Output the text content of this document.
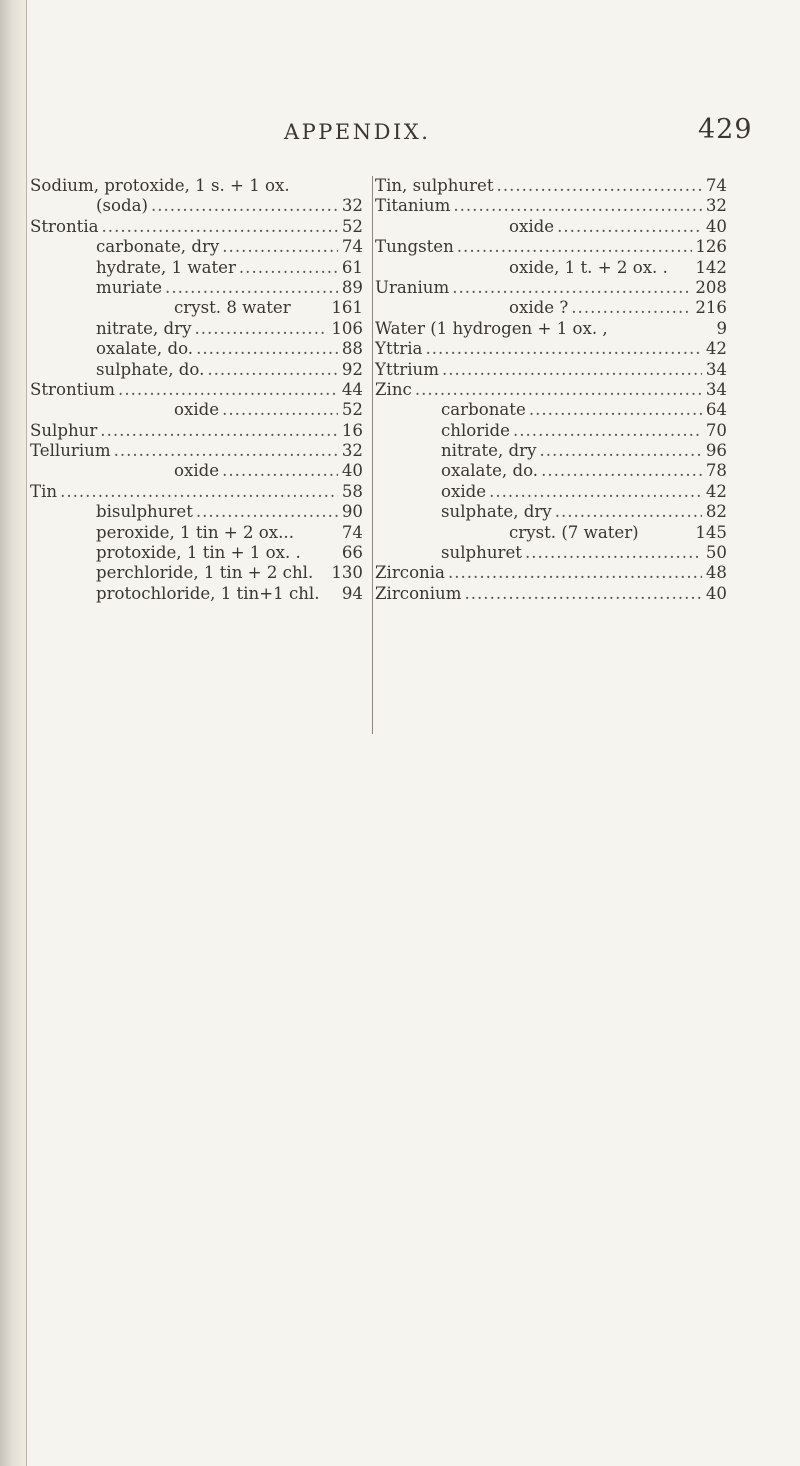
APPENDIX.	429
Sodium, protoxide, 1 s. + 1 ox.
(soda) .....	32
Strontia .....	52
carbonate, dry .....	74
hydrate, 1 water .....	61
muriate .....	89
cryst. 8 water 161
nitrate, dry .....	106
oxalate, do. .....	88
sulphate, do. .....	92
Strontium .....	44
oxide .....	52
Sulphur .....	16
Tellurium .....	32
oxide .....	40
Tin .....	58
bisulphuret .....	90
peroxide, 1 tin + 2 ox...	74
protoxide, 1 tin + 1 ox. . 66
perchloride, 1 tin + 2 chl. 130
protochloride, 1 tin+1 chl. 94
Tin, sulphuret .....	74
Titanium .....	32
oxide .....	40
Tungsten .....	126
oxide, 1 t. + 2 ox. . 142
Uranium .....	208
oxide ? .....	216
Water (1 hydrogen + 1 ox. ,	9
Yttria .....	42
Yttrium .....	34
Zinc .....	34
carbonate .....	64
chloride .....	70
nitrate, dry .....	96
oxalate, do. .....	78
oxide .....	42
sulphate, dry .....	82
cryst. (7 water)	145
sulphuret .....	50
Zirconia .....	48
Zirconium .....	40
